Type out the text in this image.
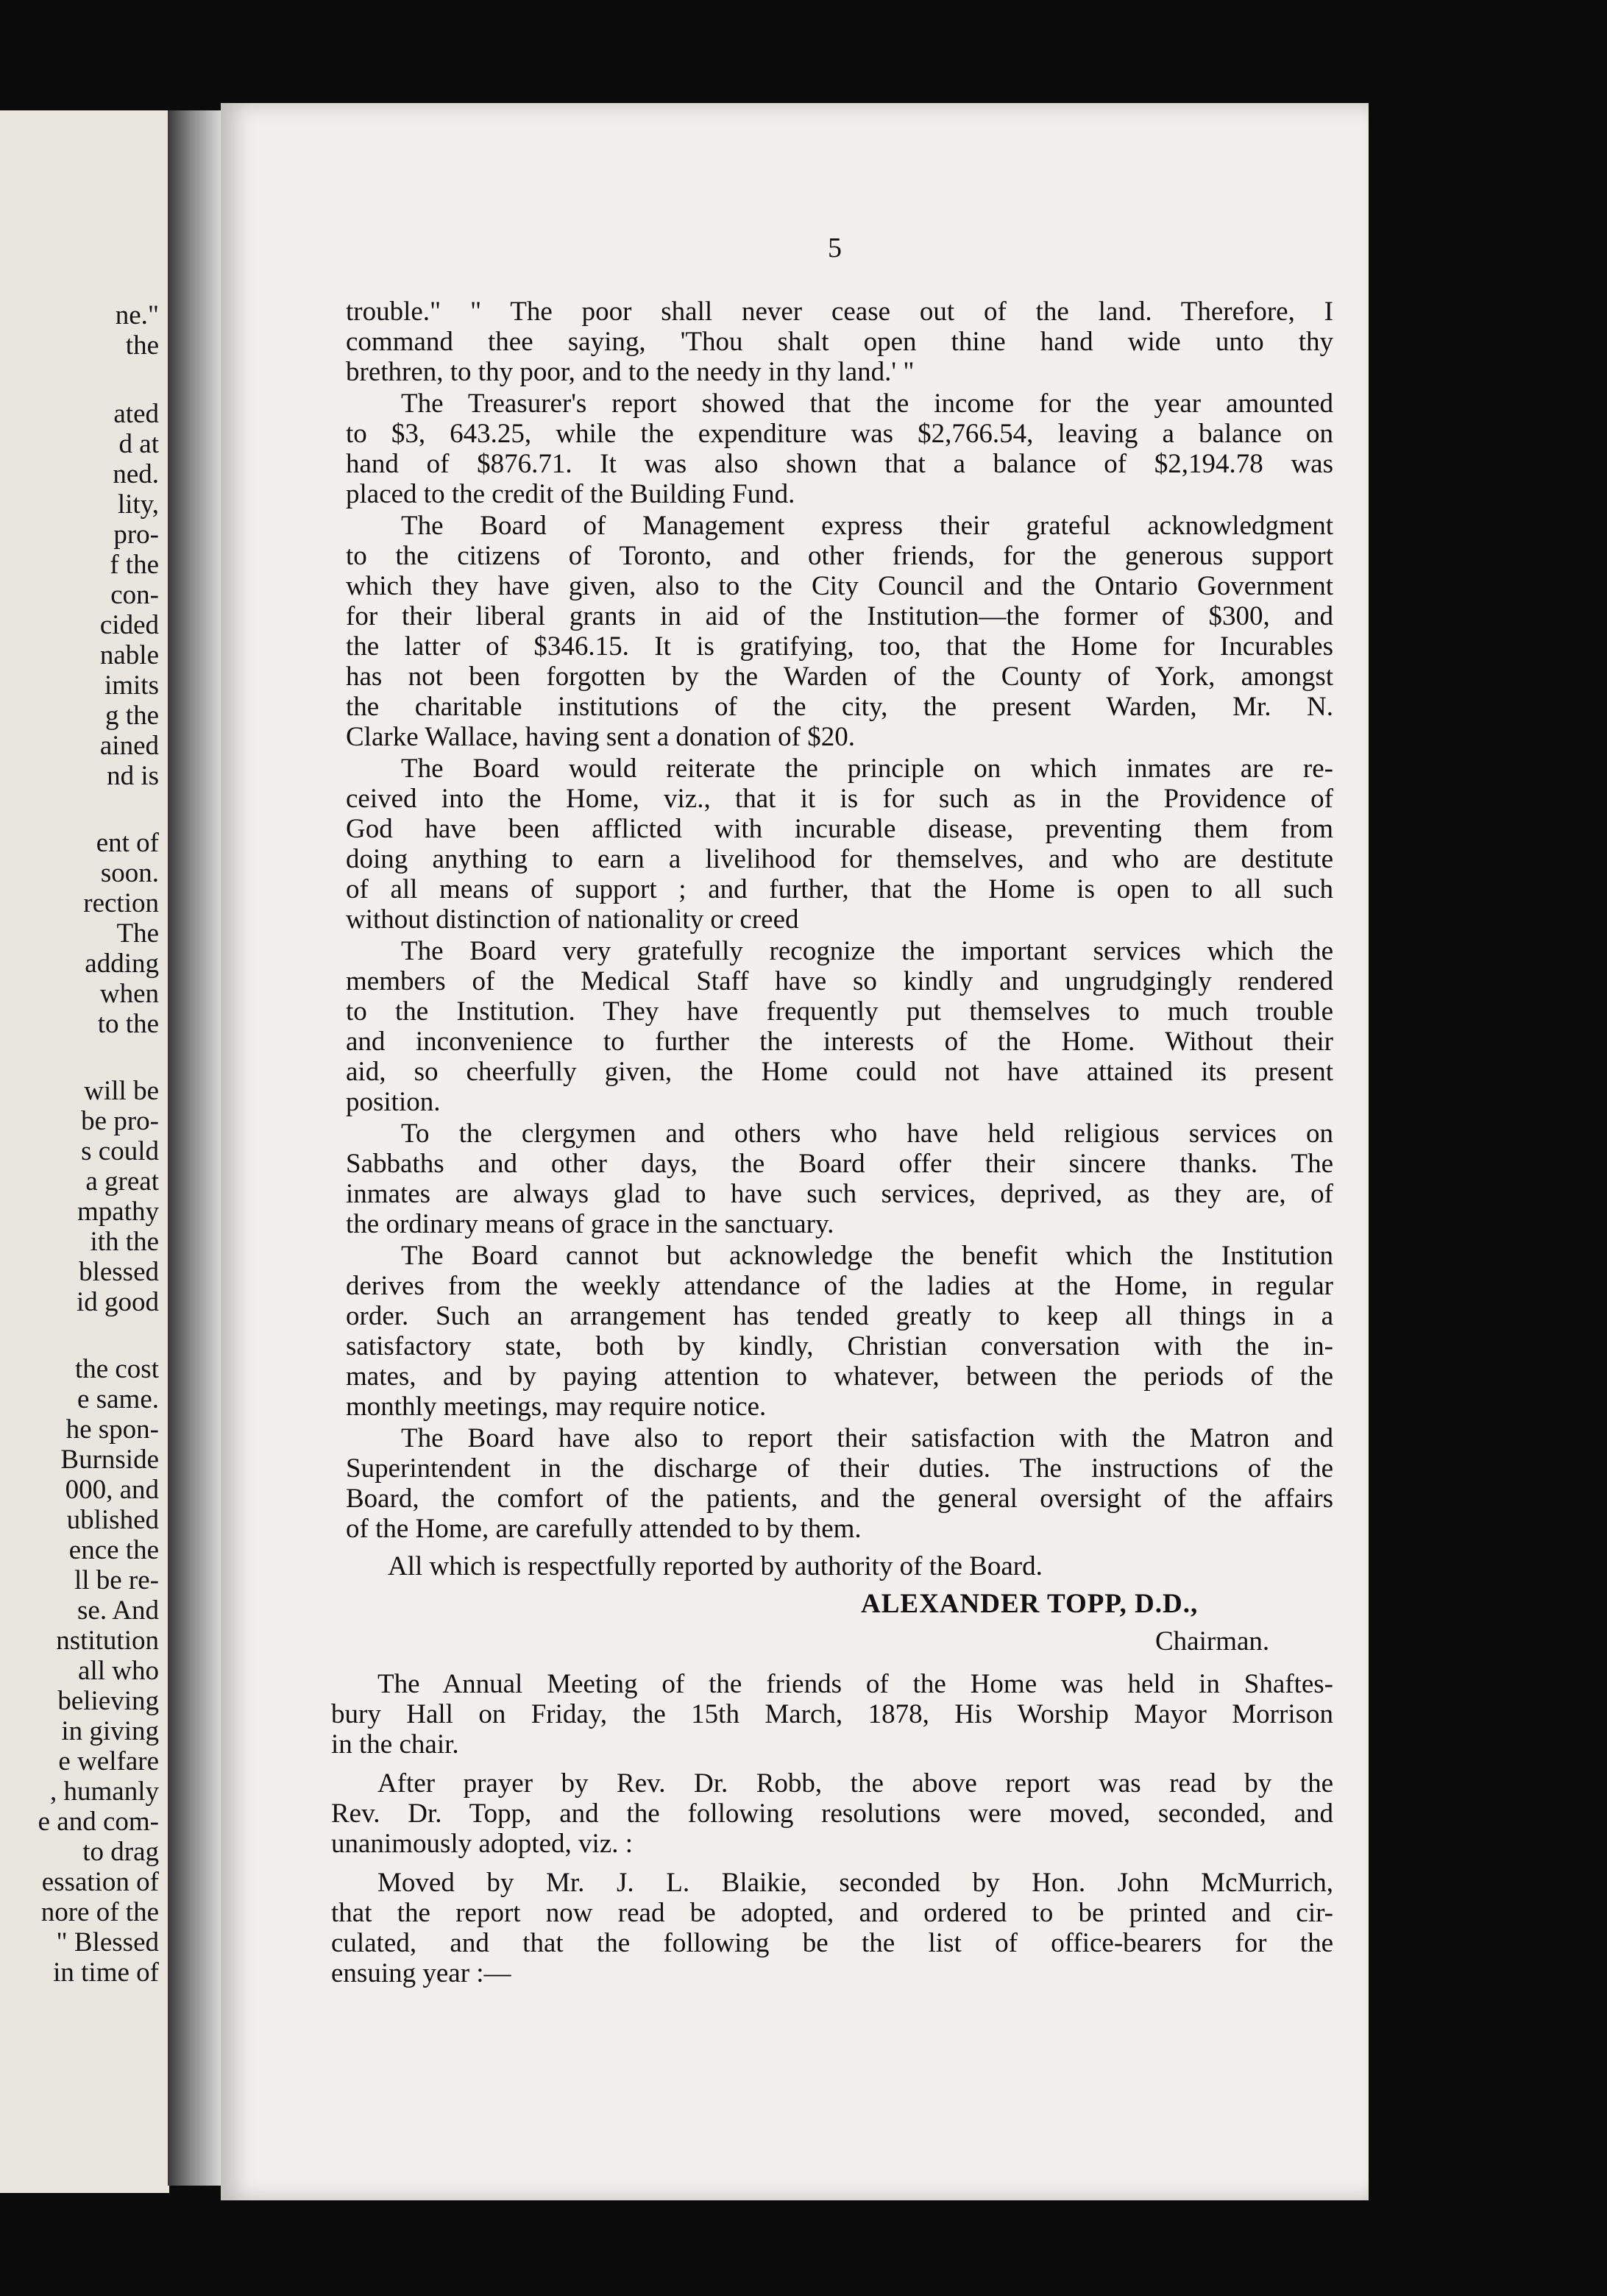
ne."
the
ated
d at
ned.
lity,
pro-
f the
con-
cided
nable
imits
g the
ained
nd is
ent of
soon.
rection
The
adding
when
to the
will be
be pro-
s could
a great
mpathy
ith the
blessed
id good
the cost
e same.
he spon-
Burnside
000, and
ublished
ence the
ll be re-
se. And
nstitution
all who
believing
in giving
e welfare
, humanly
e and com-
to drag
essation of
nore of the
" Blessed
in time of
5
trouble." " The poor shall never cease out of the land. Therefore, I
command thee saying, 'Thou shalt open thine hand wide unto thy
brethren, to thy poor, and to the needy in thy land.' "
The Treasurer's report showed that the income for the year amounted
to $3, 643.25, while the expenditure was $2,766.54, leaving a balance on
hand of $876.71. It was also shown that a balance of $2,194.78 was
placed to the credit of the Building Fund.
The Board of Management express their grateful acknowledgment
to the citizens of Toronto, and other friends, for the generous support
which they have given, also to the City Council and the Ontario Government
for their liberal grants in aid of the Institution—the former of $300, and
the latter of $346.15. It is gratifying, too, that the Home for Incurables
has not been forgotten by the Warden of the County of York, amongst
the charitable institutions of the city, the present Warden, Mr. N.
Clarke Wallace, having sent a donation of $20.
The Board would reiterate the principle on which inmates are re-
ceived into the Home, viz., that it is for such as in the Providence of
God have been afflicted with incurable disease, preventing them from
doing anything to earn a livelihood for themselves, and who are destitute
of all means of support ; and further, that the Home is open to all such
without distinction of nationality or creed
The Board very gratefully recognize the important services which the
members of the Medical Staff have so kindly and ungrudgingly rendered
to the Institution. They have frequently put themselves to much trouble
and inconvenience to further the interests of the Home. Without their
aid, so cheerfully given, the Home could not have attained its present
position.
To the clergymen and others who have held religious services on
Sabbaths and other days, the Board offer their sincere thanks. The
inmates are always glad to have such services, deprived, as they are, of
the ordinary means of grace in the sanctuary.
The Board cannot but acknowledge the benefit which the Institution
derives from the weekly attendance of the ladies at the Home, in regular
order. Such an arrangement has tended greatly to keep all things in a
satisfactory state, both by kindly, Christian conversation with the in-
mates, and by paying attention to whatever, between the periods of the
monthly meetings, may require notice.
The Board have also to report their satisfaction with the Matron and
Superintendent in the discharge of their duties. The instructions of the
Board, the comfort of the patients, and the general oversight of the affairs
of the Home, are carefully attended to by them.
All which is respectfully reported by authority of the Board.
ALEXANDER TOPP, D.D.,
Chairman.
The Annual Meeting of the friends of the Home was held in Shaftes-
bury Hall on Friday, the 15th March, 1878, His Worship Mayor Morrison
in the chair.
After prayer by Rev. Dr. Robb, the above report was read by the
Rev. Dr. Topp, and the following resolutions were moved, seconded, and
unanimously adopted, viz. :
Moved by Mr. J. L. Blaikie, seconded by Hon. John McMurrich,
that the report now read be adopted, and ordered to be printed and cir-
culated, and that the following be the list of office-bearers for the
ensuing year :—
